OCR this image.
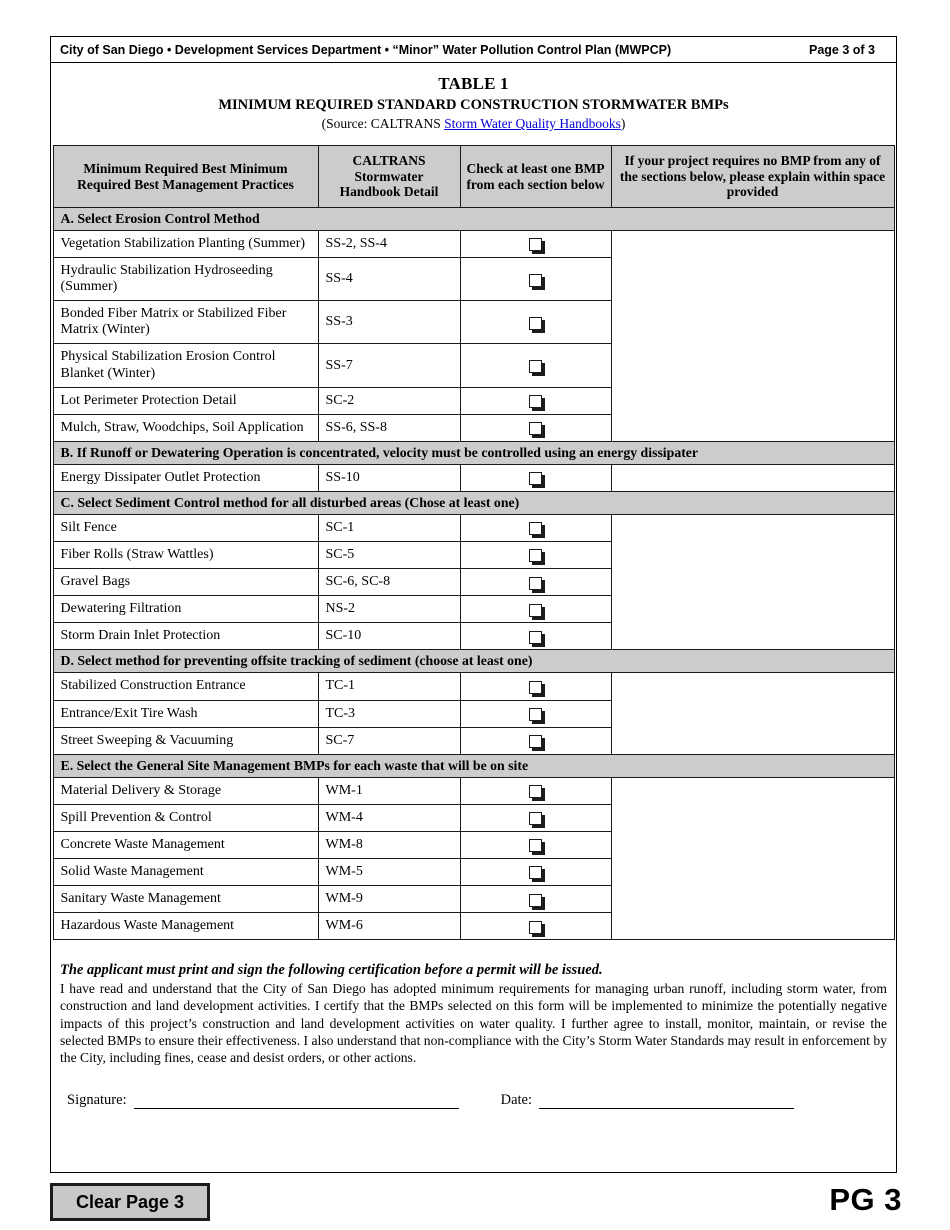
City of San Diego • Development Services Department • “Minor” Water Pollution Control Plan (MWPCP)	Page 3 of 3
TABLE 1
MINIMUM REQUIRED STANDARD CONSTRUCTION STORMWATER BMPs
(Source: CALTRANS Storm Water Quality Handbooks)
Minimum Required Best Minimum Required Best Management Practices	CALTRANS Stormwater Handbook Detail	Check at least one BMP from each section below	If your project requires no BMP from any of the sections below, please explain within space provided
A. Select Erosion Control Method			
Vegetation Stabilization Planting (Summer)	SS-2, SS-4		
Hydraulic Stabilization Hydroseeding (Summer)	SS-4		
Bonded Fiber Matrix or Stabilized Fiber Matrix (Winter)	SS-3		
Physical Stabilization Erosion Control Blanket (Winter)	SS-7		
Lot Perimeter Protection Detail	SC-2		
Mulch, Straw, Woodchips, Soil Application	SS-6, SS-8		
B. If Runoff or Dewatering Operation is concentrated, velocity must be controlled using an energy dissipater			
Energy Dissipater Outlet Protection	SS-10		
C. Select Sediment Control method for all disturbed areas (Chose at least one)			
Silt Fence	SC-1		
Fiber Rolls (Straw Wattles)	SC-5		
Gravel Bags	SC-6, SC-8		
Dewatering Filtration	NS-2		
Storm Drain Inlet Protection	SC-10		
D. Select method for preventing offsite tracking of sediment (choose at least one)			
Stabilized Construction Entrance	TC-1		
Entrance/Exit Tire Wash	TC-3		
Street Sweeping & Vacuuming	SC-7		
E. Select the General Site Management BMPs for each waste that will be on site			
Material Delivery & Storage	WM-1		
Spill Prevention & Control	WM-4		
Concrete Waste Management	WM-8		
Solid Waste Management	WM-5		
Sanitary Waste Management	WM-9		
Hazardous Waste Management	WM-6		
The applicant must print and sign the following certification before a permit will be issued.
I have read and understand that the City of San Diego has adopted minimum requirements for managing urban runoff, including storm water, from construction and land development activities. I certify that the BMPs selected on this form will be implemented to minimize the potentially negative impacts of this project’s construction and land development activities on water quality. I further agree to install, monitor, maintain, or revise the selected BMPs to ensure their effectiveness. I also understand that non-compliance with the City’s Storm Water Standards may result in enforcement by the City, including fines, cease and desist orders, or other actions.
Signature:	Date:
Clear Page 3	PG 3
